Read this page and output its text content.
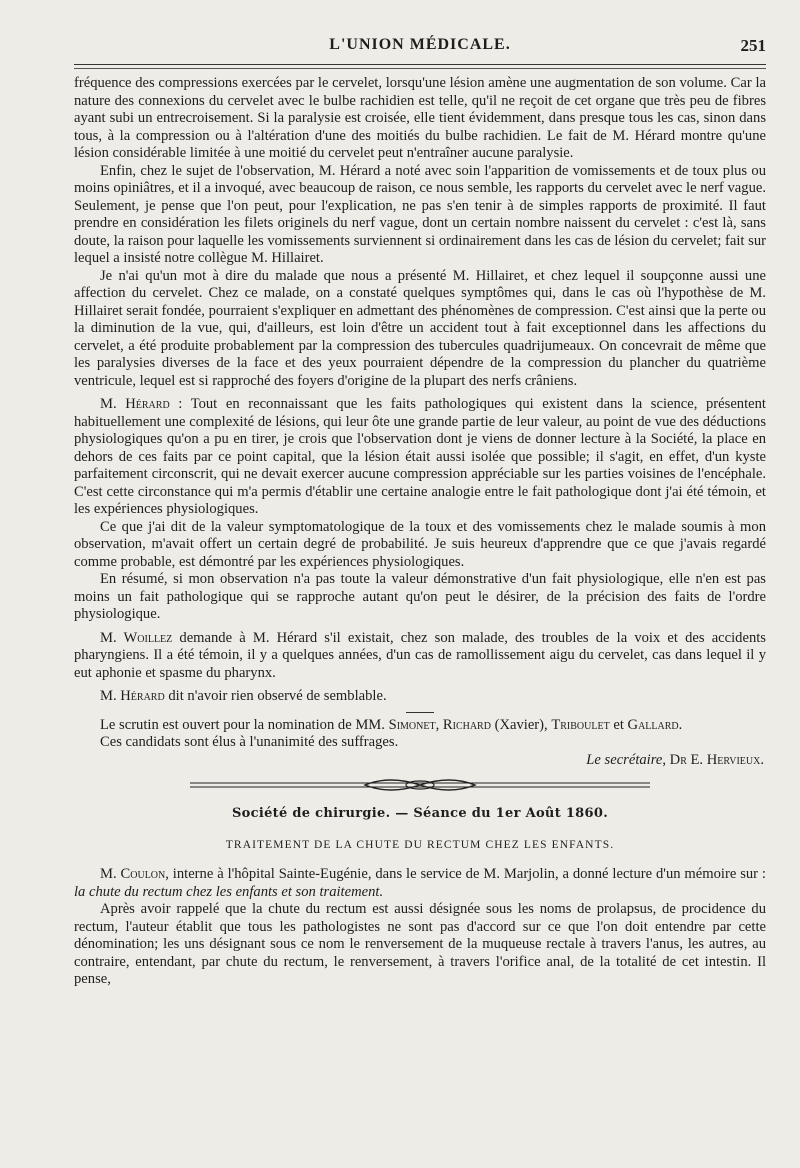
L'UNION MÉDICALE.	251

fréquence des compressions exercées par le cervelet, lorsqu'une lésion amène une augmentation de son volume. Car la nature des connexions du cervelet avec le bulbe rachidien est telle, qu'il ne reçoit de cet organe que très peu de fibres ayant subi un entrecroisement. Si la paralysie est croisée, elle tient évidemment, dans presque tous les cas, sinon dans tous, à la compression ou à l'altération d'une des moitiés du bulbe rachidien. Le fait de M. Hérard montre qu'une lésion considérable limitée à une moitié du cervelet peut n'entraîner aucune paralysie.

Enfin, chez le sujet de l'observation, M. Hérard a noté avec soin l'apparition de vomissements et de toux plus ou moins opiniâtres, et il a invoqué, avec beaucoup de raison, ce nous semble, les rapports du cervelet avec le nerf vague. Seulement, je pense que l'on peut, pour l'explication, ne pas s'en tenir à de simples rapports de proximité. Il faut prendre en considération les filets originels du nerf vague, dont un certain nombre naissent du cervelet : c'est là, sans doute, la raison pour laquelle les vomissements surviennent si ordinairement dans les cas de lésion du cervelet; fait sur lequel a insisté notre collègue M. Hillairet.

Je n'ai qu'un mot à dire du malade que nous a présenté M. Hillairet, et chez lequel il soupçonne aussi une affection du cervelet. Chez ce malade, on a constaté quelques symptômes qui, dans le cas où l'hypothèse de M. Hillairet serait fondée, pourraient s'expliquer en admettant des phénomènes de compression. C'est ainsi que la perte ou la diminution de la vue, qui, d'ailleurs, est loin d'être un accident tout à fait exceptionnel dans les affections du cervelet, a été produite probablement par la compression des tubercules quadrijumeaux. On concevrait de même que les paralysies diverses de la face et des yeux pourraient dépendre de la compression du plancher du quatrième ventricule, lequel est si rapproché des foyers d'origine de la plupart des nerfs crâniens.

M. Hérard : Tout en reconnaissant que les faits pathologiques qui existent dans la science, présentent habituellement une complexité de lésions, qui leur ôte une grande partie de leur valeur, au point de vue des déductions physiologiques qu'on a pu en tirer, je crois que l'observation dont je viens de donner lecture à la Société, la place en dehors de ces faits par ce point capital, que la lésion était aussi isolée que possible; il s'agit, en effet, d'un kyste parfaitement circonscrit, qui ne devait exercer aucune compression appréciable sur les parties voisines de l'encéphale. C'est cette circonstance qui m'a permis d'établir une certaine analogie entre le fait pathologique dont j'ai été témoin, et les expériences physiologiques.

Ce que j'ai dit de la valeur symptomatologique de la toux et des vomissements chez le malade soumis à mon observation, m'avait offert un certain degré de probabilité. Je suis heureux d'apprendre que ce que j'avais regardé comme probable, est démontré par les expériences physiologiques.

En résumé, si mon observation n'a pas toute la valeur démonstrative d'un fait physiologique, elle n'en est pas moins un fait pathologique qui se rapproche autant qu'on peut le désirer, de la précision des faits de l'ordre physiologique.

M. Woillez demande à M. Hérard s'il existait, chez son malade, des troubles de la voix et des accidents pharyngiens. Il a été témoin, il y a quelques années, d'un cas de ramollissement aigu du cervelet, cas dans lequel il y eut aphonie et spasme du pharynx.

M. Hérard dit n'avoir rien observé de semblable.

Le scrutin est ouvert pour la nomination de MM. Simonet, Richard (Xavier), Triboulet et Gallard.

Ces candidats sont élus à l'unanimité des suffrages.

Le secrétaire, Dr E. Hervieux.

Société de chirurgie. — Séance du 1er Août 1860.
TRAITEMENT DE LA CHUTE DU RECTUM CHEZ LES ENFANTS.

M. Coulon, interne à l'hôpital Sainte-Eugénie, dans le service de M. Marjolin, a donné lecture d'un mémoire sur : la chute du rectum chez les enfants et son traitement.

Après avoir rappelé que la chute du rectum est aussi désignée sous les noms de prolapsus, de procidence du rectum, l'auteur établit que tous les pathologistes ne sont pas d'accord sur ce que l'on doit entendre par cette dénomination; les uns désignant sous ce nom le renversement de la muqueuse rectale à travers l'anus, les autres, au contraire, entendant, par chute du rectum, le renversement, à travers l'orifice anal, de la totalité de cet intestin. Il pense,
